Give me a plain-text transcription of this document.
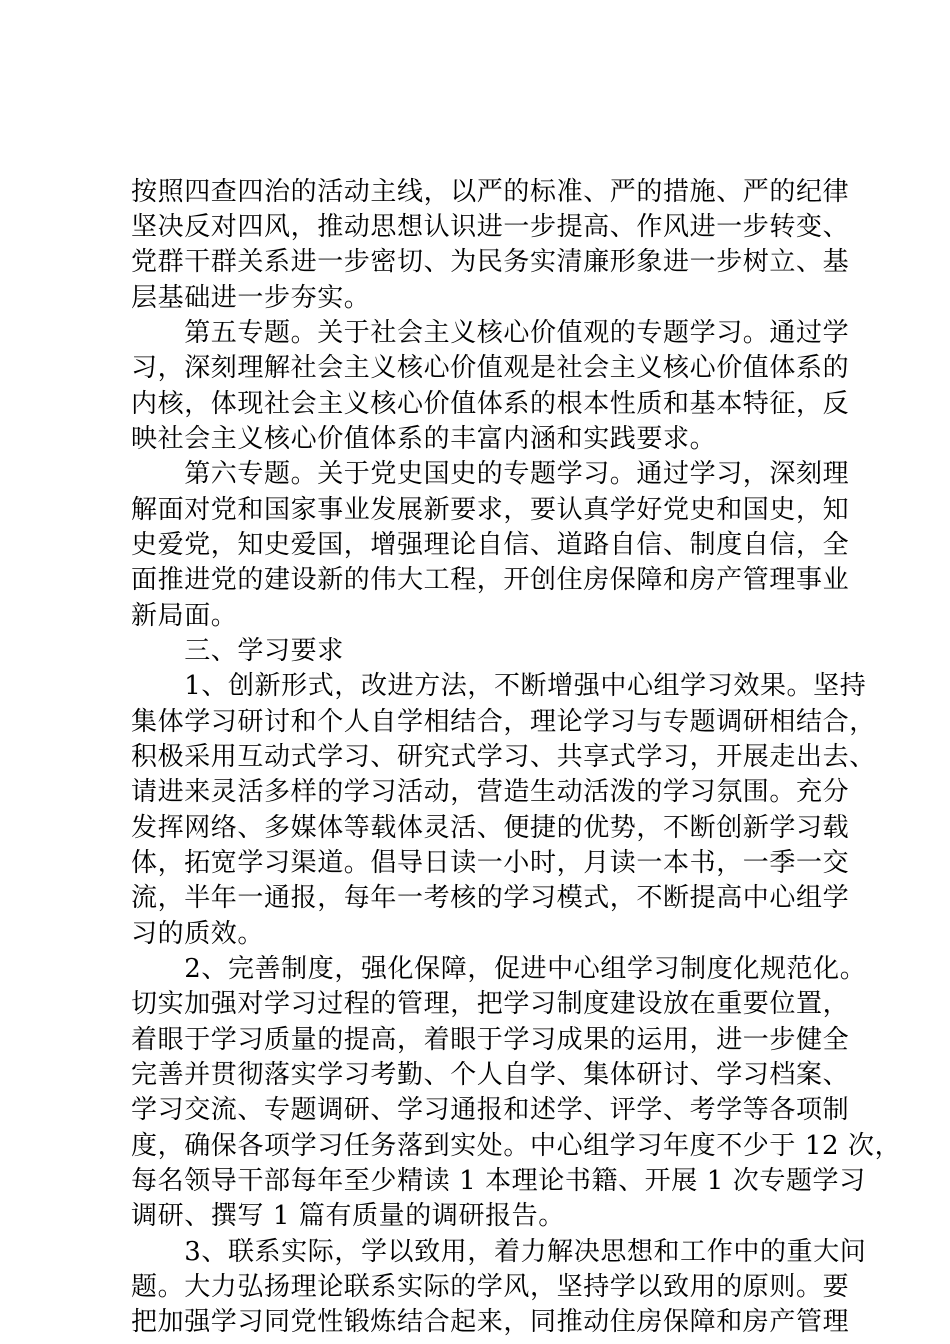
按照四查四治的活动主线，以严的标准、严的措施、严的纪律
坚决反对四风，推动思想认识进一步提高、作风进一步转变、
党群干群关系进一步密切、为民务实清廉形象进一步树立、基
层基础进一步夯实。
　　第五专题。关于社会主义核心价值观的专题学习。通过学
习，深刻理解社会主义核心价值观是社会主义核心价值体系的
内核，体现社会主义核心价值体系的根本性质和基本特征，反
映社会主义核心价值体系的丰富内涵和实践要求。
　　第六专题。关于党史国史的专题学习。通过学习，深刻理
解面对党和国家事业发展新要求，要认真学好党史和国史，知
史爱党，知史爱国，增强理论自信、道路自信、制度自信，全
面推进党的建设新的伟大工程，开创住房保障和房产管理事业
新局面。
　　三、学习要求
　　1、创新形式，改进方法，不断增强中心组学习效果。坚持
集体学习研讨和个人自学相结合，理论学习与专题调研相结合，
积极采用互动式学习、研究式学习、共享式学习，开展走出去、
请进来灵活多样的学习活动，营造生动活泼的学习氛围。充分
发挥网络、多媒体等载体灵活、便捷的优势，不断创新学习载
体，拓宽学习渠道。倡导日读一小时，月读一本书，一季一交
流，半年一通报，每年一考核的学习模式，不断提高中心组学
习的质效。
　　2、完善制度，强化保障，促进中心组学习制度化规范化。
切实加强对学习过程的管理，把学习制度建设放在重要位置，
着眼于学习质量的提高，着眼于学习成果的运用，进一步健全
完善并贯彻落实学习考勤、个人自学、集体研讨、学习档案、
学习交流、专题调研、学习通报和述学、评学、考学等各项制
度，确保各项学习任务落到实处。中心组学习年度不少于 12 次，
每名领导干部每年至少精读 1 本理论书籍、开展 1 次专题学习
调研、撰写 1 篇有质量的调研报告。
　　3、联系实际，学以致用，着力解决思想和工作中的重大问
题。大力弘扬理论联系实际的学风，坚持学以致用的原则。要
把加强学习同党性锻炼结合起来，同推动住房保障和房产管理
